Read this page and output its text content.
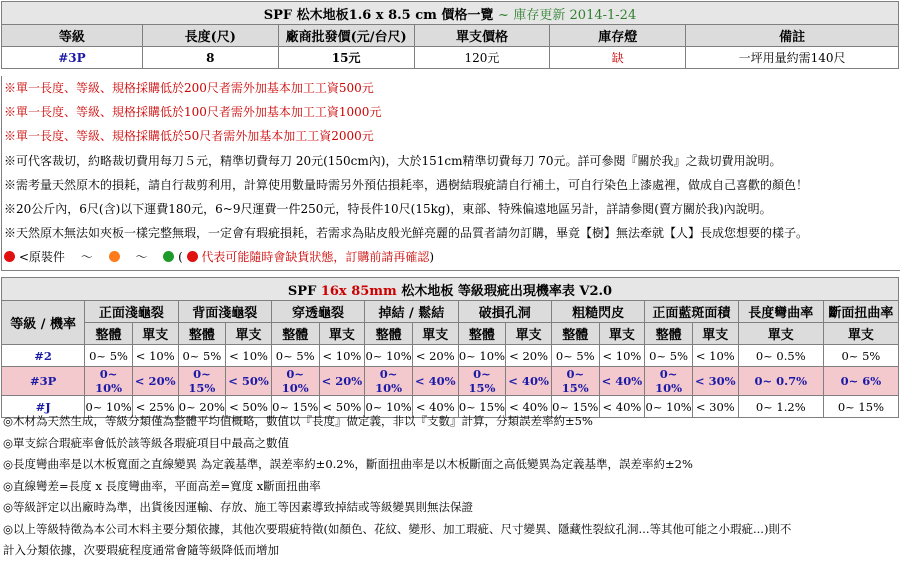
SPF 松木地板1.6 x 8.5 cm 價格一覽 ~ 庫存更新 2014-1-24					
等級	長度(尺)	廠商批發價(元/台尺)	單支價格	庫存燈	備註
#3P	8	15元	120元	缺	一坪用量約需140尺
※單一長度、等級、規格採購低於200尺者需外加基本加工工資500元
※單一長度、等級、規格採購低於100尺者需外加基本加工工資1000元
※單一長度、等級、規格採購低於50尺者需外加基本加工工資2000元
※可代客裁切，約略裁切費用每刀５元，精準切費每刀 20元(150cm內)，大於151cm精準切費每刀 70元。詳可參閱『關於我』之裁切費用說明。
※需考量天然原木的損耗，請自行裁剪利用，計算使用數量時需另外預估損耗率，遇樹結瑕疵請自行補土，可自行染色上漆處裡，做成自己喜歡的顏色！
※20公斤內，6尺(含)以下運費180元，6~9尺運費一件250元，特長件10尺(15kg)，東部、特殊偏遠地區另計，詳請參閱(賣方關於我)內說明。
※天然原木無法如夾板一樣完整無瑕，一定會有瑕疵損耗，若需求為貼皮般光鮮亮麗的品質者請勿訂購，畢竟【樹】無法牽就【人】長成您想要的樣子。
<原裝件 ～	～	( 代表可能隨時會缺貨狀態，訂購前請再確認)
SPF 16x 85mm 松木地板 等級瑕疵出現機率表 V2.0																
等級 / 機率	正面淺龜裂		背面淺龜裂		穿透龜裂		掉結 / 鬆結		破損孔洞		粗糙閃皮		正面藍斑面積		長度彎曲率	斷面扭曲率
	整體	單支	整體	單支	整體	單支	整體	單支	整體	單支	整體	單支	整體	單支	單支	單支
#2	0~ 5%	< 10%	0~ 5%	< 10%	0~ 5%	< 10%	0~ 10%	< 20%	0~ 10%	< 20%	0~ 5%	< 10%	0~ 5%	< 10%	0~ 0.5%	0~ 5%
#3P	0~ 10%	< 20%	0~ 15%	< 50%	0~ 10%	< 20%	0~ 10%	< 40%	0~ 15%	< 40%	0~ 15%	< 40%	0~ 10%	< 30%	0~ 0.7%	0~ 6%
#J	0~ 10%	< 25%	0~ 20%	< 50%	0~ 15%	< 50%	0~ 10%	< 40%	0~ 15%	< 40%	0~ 15%	< 40%	0~ 10%	< 30%	0~ 1.2%	0~ 15%
◎木材為天然生成，等級分類僅為整體平均值概略，數值以『長度』做定義，非以『支數』計算，分類誤差率約±5%
◎單支綜合瑕疵率會低於該等級各瑕疵項目中最高之數值
◎長度彎曲率是以木板寬面之直線變異 為定義基準，誤差率約±0.2%，斷面扭曲率是以木板斷面之高低變異為定義基準，誤差率約±2%
◎直線彎差=長度 x 長度彎曲率，平面高差=寬度 x斷面扭曲率
◎等級評定以出廠時為準，出貨後因運輸、存放、施工等因素導致掉結或等級變異則無法保證
◎以上等級特徵為本公司木料主要分類依據，其他次要瑕疵特徵(如顏色、花紋、變形、加工瑕疵、尺寸變異、隱藏性裂紋孔洞...等其他可能之小瑕疵...)則不
計入分類依據，次要瑕疵程度通常會隨等級降低而增加
